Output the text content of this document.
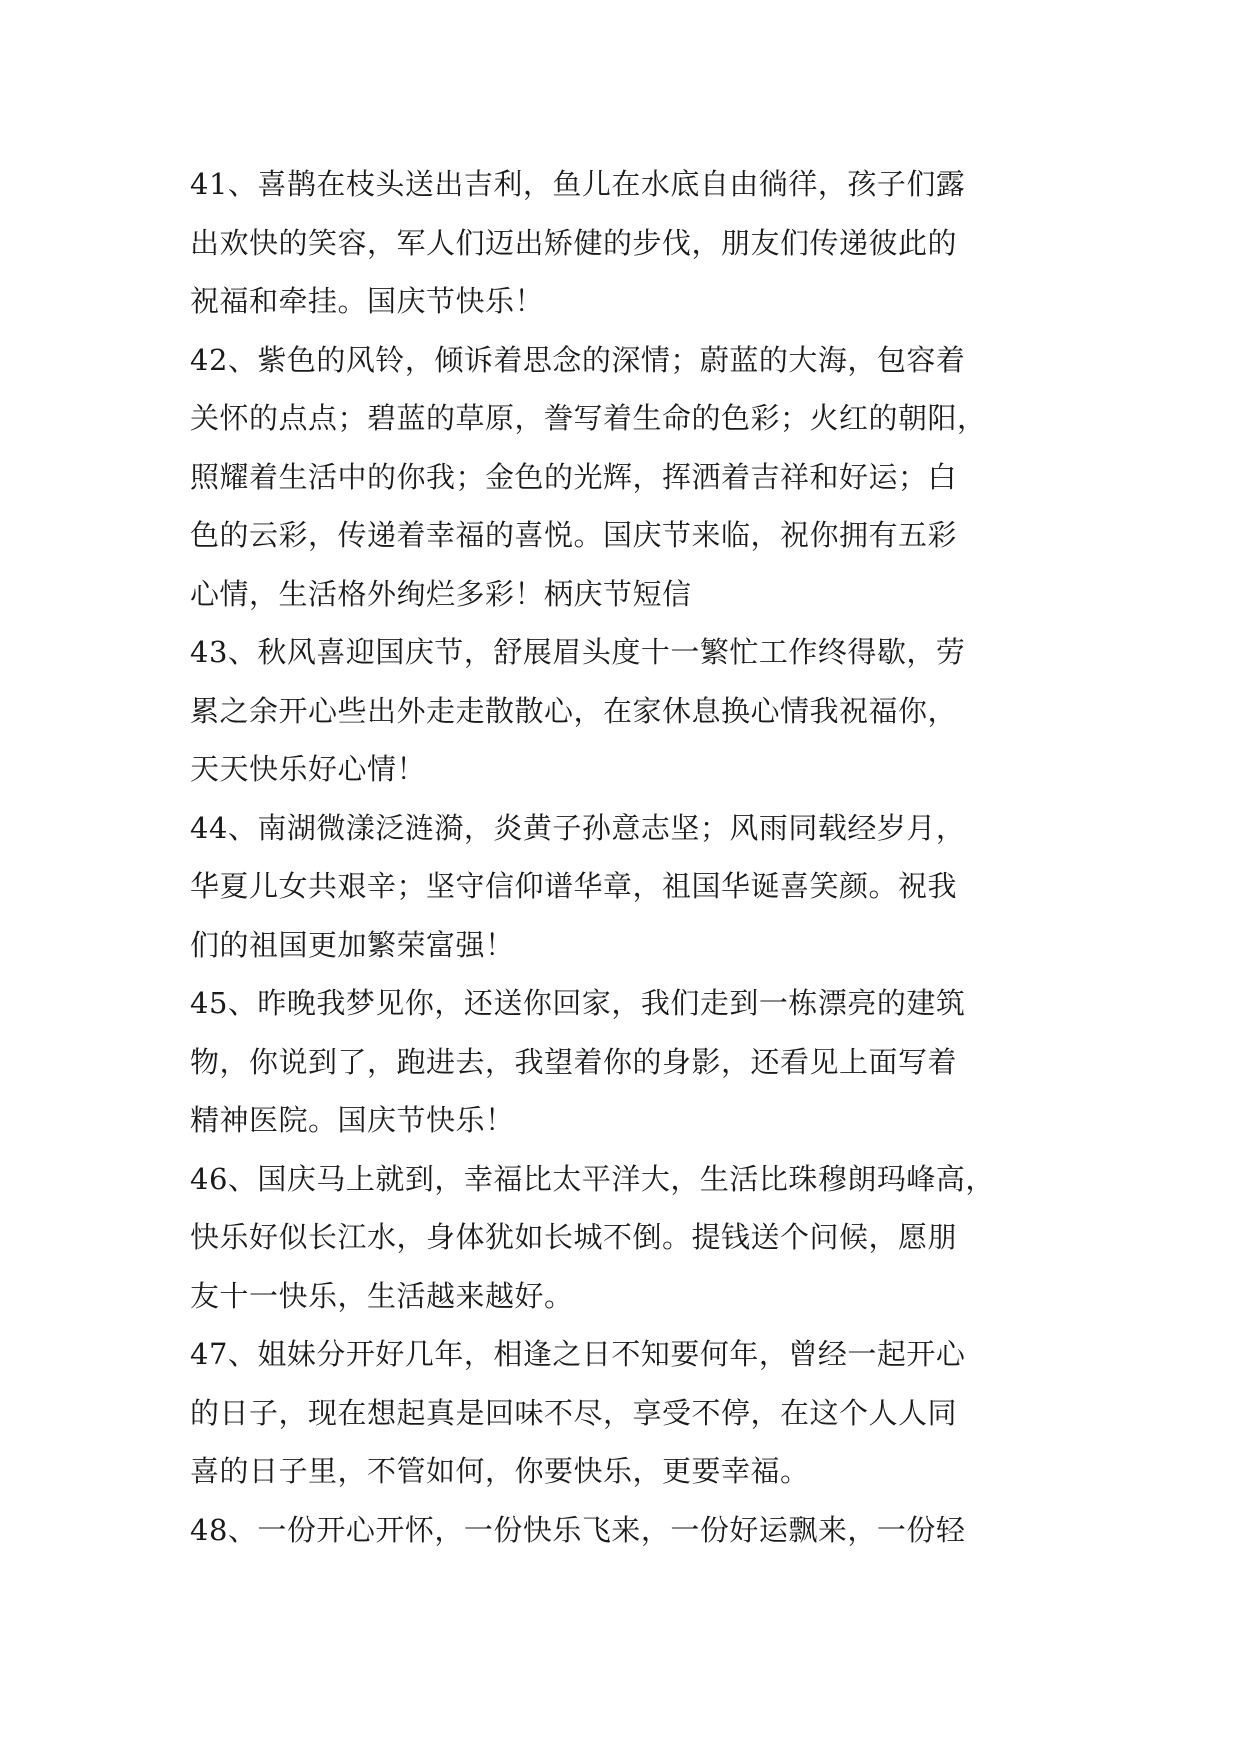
41、喜鹊在枝头送出吉利，鱼儿在水底自由徜徉，孩子们露
出欢快的笑容，军人们迈出矫健的步伐，朋友们传递彼此的
祝福和牵挂。国庆节快乐！
42、紫色的风铃，倾诉着思念的深情；蔚蓝的大海，包容着
关怀的点点；碧蓝的草原，誊写着生命的色彩；火红的朝阳，
照耀着生活中的你我；金色的光辉，挥洒着吉祥和好运；白
色的云彩，传递着幸福的喜悦。国庆节来临，祝你拥有五彩
心情，生活格外绚烂多彩！柄庆节短信
43、秋风喜迎国庆节，舒展眉头度十一繁忙工作终得歇，劳
累之余开心些出外走走散散心，在家休息换心情我祝福你，
天天快乐好心情！
44、南湖微漾泛涟漪，炎黄子孙意志坚；风雨同载经岁月，
华夏儿女共艰辛；坚守信仰谱华章，祖国华诞喜笑颜。祝我
们的祖国更加繁荣富强！
45、昨晚我梦见你，还送你回家，我们走到一栋漂亮的建筑
物，你说到了，跑进去，我望着你的身影，还看见上面写着
精神医院。国庆节快乐！
46、国庆马上就到，幸福比太平洋大，生活比珠穆朗玛峰高，
快乐好似长江水，身体犹如长城不倒。提钱送个问候，愿朋
友十一快乐，生活越来越好。
47、姐妹分开好几年，相逢之日不知要何年，曾经一起开心
的日子，现在想起真是回味不尽，享受不停，在这个人人同
喜的日子里，不管如何，你要快乐，更要幸福。
48、一份开心开怀，一份快乐飞来，一份好运飘来，一份轻
